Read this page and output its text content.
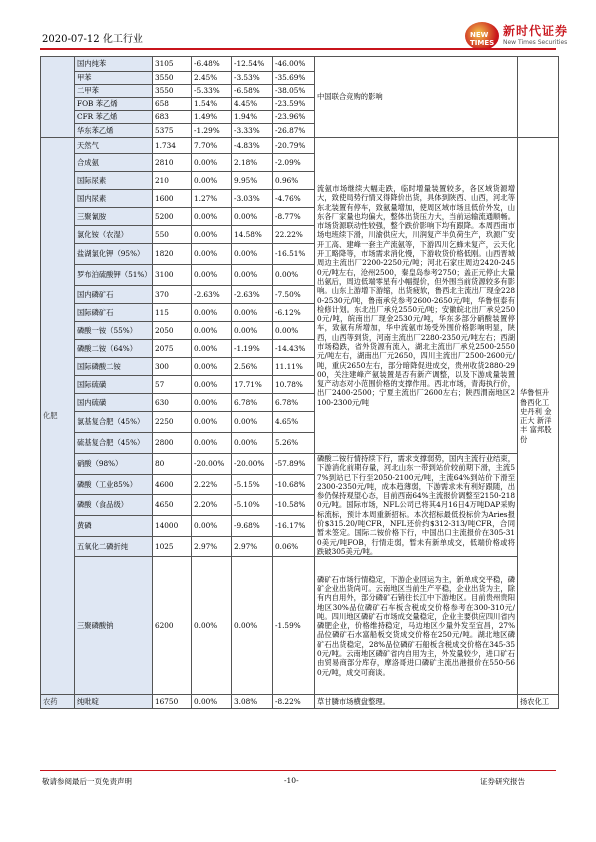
2020-07-12 化工行业	NEW TIMES
新时代证券
New Times Securities
	国内纯苯	3105	-6.48%	-12.54%	-46.00%	中国联合竞购的影响	
	甲苯	3550	2.45%	-3.53%	-35.69%		
	二甲苯	3550	-5.33%	-6.58%	-38.05%		
	FOB 苯乙烯	658	1.54%	4.45%	-23.59%		
	CFR 苯乙烯	683	1.49%	1.94%	-23.96%		
	华东苯乙烯	5375	-1.29%	-3.33%	-26.87%		
化肥	天然气	1.734	7.70%	-4.83%	-20.79%	流氨市场继续大幅走跌，临时增量装置较多，各区域货源增大，致使局势行情又得降价出货，具体到陕西、山西，河北等东北装置有停车，致氨量增加，使周区域市场且低价外发，山东各厂家量也均偏大，整体出货压力大，当前运输流通顺畅。市场货源联动性较强，整个跌价影响下均有跟降。本周西南市场电班续下滑，川渝供应大，川润复产半负荷生产，玖源广安开工高、建峰一套主产流氨等，下游四川乞蜂未复产，云天化开工略降等，市场需求消化慢，下游收货价格低刚。山西晋城周边主流出厂2200-2250元/吨；河北石家庄周边2420-2450元/吨左右，沧州2500，秦皇岛参考2750；盖正元停止大量出氨后，周边低端零星有小幅提价，但外围当前货源较多有影响。山东上游增下游缩，出货疲软，鲁西北主流出厂现金2280-2530元/吨，鲁南承兑参考2600-2650元/吨，华鲁恒泰有检修计划。东北出厂承兑2550元/吨；安徽皖北出厂承兑2500元/吨，皖南出厂现金2530元/吨，华东多部分硝酸装置停车，致氨有所增加，华中流氨市场受外围价格影响明显，陕西，山西等到货，河南主流出厂2280-2350元/吨左右；西湖市场稳跌，省外货源有流入，湖北主流出厂承兑2500-2550元/吨左右，湖南出厂元2650，四川主流出厂2500-2600元/吨，重庆2650左右，部分暗降促进成交，贵州收货2880-2900，关注建峰产氨装置是否有新产调整，以及下游成量装置复产动态对小范围价格的支撑作用。西北市场，青海执行价，出厂2400-2500；宁夏主流出厂2600左右；陕西渭南地区2100-2300元/吨	华鲁恒升 鲁西化工 史丹利 金正大 新洋丰 富邦股份
	合成氨	2810	0.00%	2.18%	-2.09%		
	国际尿素	210	0.00%	9.95%	0.96%		
	国内尿素	1600	1.27%	-3.03%	-4.76%		
	三聚氰胺	5200	0.00%	0.00%	-8.77%		
	氯化铵（农湿）	550	0.00%	14.58%	22.22%		
	盐湖氯化钾（95%）	1820	0.00%	0.00%	-16.51%		
	罗布泊硫酸钾（51%）	3100	0.00%	0.00%	0.00%		
	国内磷矿石	370	-2.63%	-2.63%	-7.50%		
	国际磷矿石	115	0.00%	0.00%	-6.12%		
	磷酸一铵（55%）	2050	0.00%	0.00%	0.00%		
	磷酸二铵（64%）	2075	0.00%	-1.19%	-14.43%		
	国际磷酸二铵	300	0.00%	2.56%	11.11%		
	国际硫磺	57	0.00%	17.71%	10.78%		
	国内硫磺	630	0.00%	6.78%	6.78%		
	氯基复合肥（45%）	2250	0.00%	0.00%	4.65%		
	硫基复合肥（45%）	2800	0.00%	0.00%	5.26%		
	硝酸（98%）	80	-20.00%	-20.00%	-57.89%	磷酸二铵行情持续下行，需求支撑弱势，国内主流行业结束，下游消化前期存量，河北山东一带到站价较前期下滑，主流57%到站已下行至2050-2100元/吨，主流64%到站价下滑至2300-2350元/吨，成本趋薄弱，下游需求未有利好跟随，出参仍保持观望心态，目前西南64%主流报价调整至2150-2180元/吨。国际市场，NFL公司已将其4月16日4万吨DAP采购标流标，预计本周重新招标。本次招标最低投标价为Aries报价$315.20/吨CFR，NFL还价约$312-313/吨CFR，合同暂未签定。国际二铵价格下行，中国出口主流报价在305-310美元/吨FOB，行情走弱，暂未有新单成交，低端价格或将跌破305美元/吨。	
	磷酸（工业85%）	4600	2.22%	-5.15%	-10.68%		
	磷酸（食品级）	4650	2.20%	-5.10%	-10.58%		
	黄磷	14000	0.00%	-9.68%	-16.17%		
	五氧化二磷折纯	1025	2.97%	2.97%	0.06%		
	三聚磷酸钠	6200	0.00%	0.00%	-1.59%	磷矿石市场行情稳定，下游企业回运为主，新单成交平稳，磷矿企业出货尚可。云南地区当前生产平稳，企业出货为主，除有内自用外，部分磷矿石销往长江中下游地区。目前贵州贵阳地区30%品位磷矿石车板含税成交价格参考在300-310元/吨。四川地区磷矿石市场成交量稳定，企业主要供应四川省内磷肥企业，价格维持稳定，马边地区少量外发至宜昌，27%品位磷矿石水富船板交货成交价格在250元/吨。湖北地区磷矿石出货稳定，28%品位磷矿石船板含税成交价格在345-350元/吨。云南地区磷矿省内自用为主，外发量较少，进口矿石由贸易商部分库存，摩洛哥进口磷矿主流出港报价在550-560元/吨，成交可商谈。	
农药	纯吡啶	16750	0.00%	3.08%	-8.22%	草甘膦市场横盘整理。	扬农化工
敬请参阅最后一页免责声明	-10-	证券研究报告
